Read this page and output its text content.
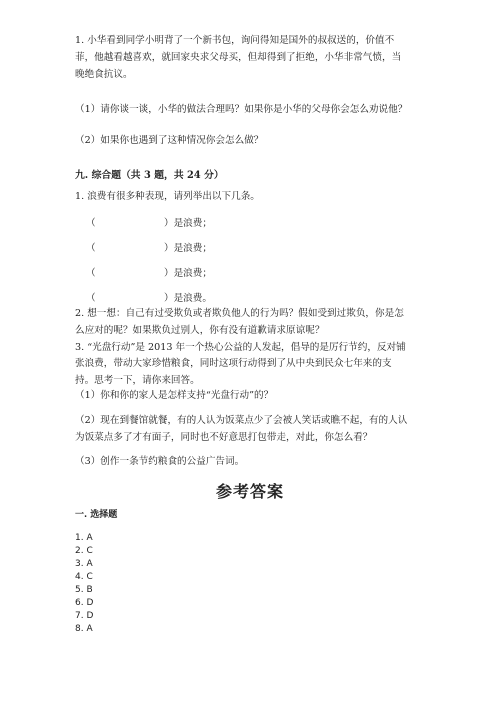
1. 小华看到同学小明背了一个新书包，询问得知是国外的叔叔送的，价值不
菲，他越看越喜欢，就回家央求父母买，但却得到了拒绝，小华非常气愤，当
晚绝食抗议。
（1）请你谈一谈，小华的做法合理吗？如果你是小华的父母你会怎么劝说他？
（2）如果你也遇到了这种情况你会怎么做？
九. 综合题（共 3 题，共 24 分）
1. 浪费有很多种表现，请列举出以下几条。
（	）是浪费；
（	）是浪费；
（	）是浪费；
（	）是浪费。
2. 想一想：自己有过受欺负或者欺负他人的行为吗？假如受到过欺负，你是怎
么应对的呢？如果欺负过别人，你有没有道歉请求原谅呢？
3. “光盘行动”是 2013 年一个热心公益的人发起，倡导的是厉行节约，反对铺
张浪费，带动大家珍惜粮食，同时这项行动得到了从中央到民众七年来的支
持。思考一下，请你来回答。
（1）你和你的家人是怎样支持“光盘行动”的？
（2）现在到餐馆就餐，有的人认为饭菜点少了会被人笑话或瞧不起，有的人认
为饭菜点多了才有面子，同时也不好意思打包带走，对此，你怎么看？
（3）创作一条节约粮食的公益广告词。
参考答案
一. 选择题
1. A
2. C
3. A
4. C
5. B
6. D
7. D
8. A
